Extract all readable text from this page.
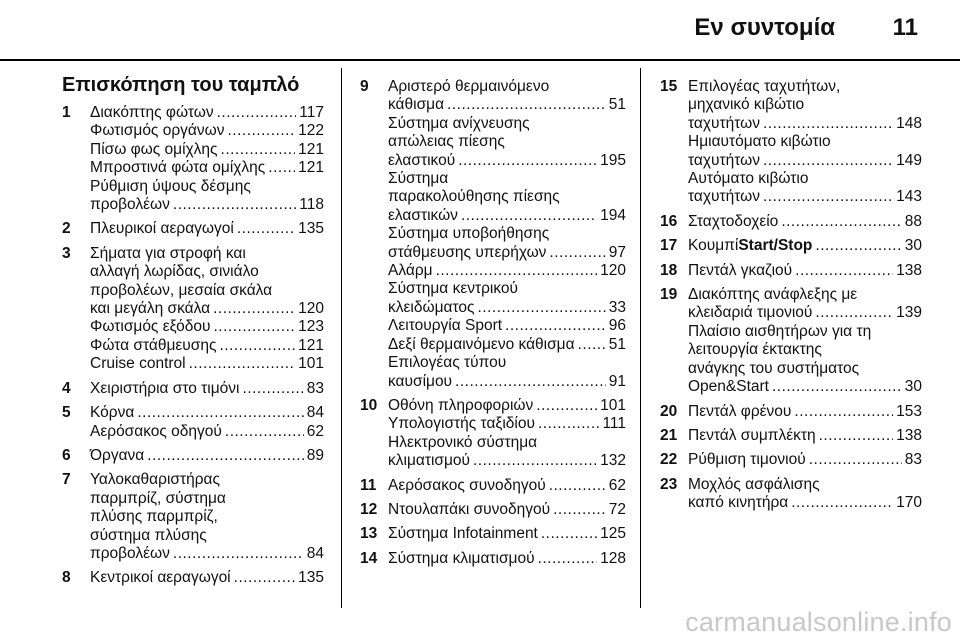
Εν συντομία 11
Επισκόπηση του ταμπλό
1 Διακόπτης φώτων .....	117
Φωτισμός οργάνων .....	122
Πίσω φως ομίχλης .....	121
Μπροστινά φώτα ομίχλης ..... 121
Ρύθμιση ύψους δέσμης
προβολέων .....	118
2 Πλευρικοί αεραγωγοί .....	135
3 Σήματα για στροφή και
αλλαγή λωρίδας, σινιάλο
προβολέων, μεσαία σκάλα
και μεγάλη σκάλα .....	120
Φωτισμός εξόδου .....	123
Φώτα στάθμευσης .....	121
Cruise control .....	101
4 Χειριστήρια στο τιμόνι .....	83
5 Κόρνα .....	84
Αερόσακος οδηγού .....	62
6 Όργανα .....	89
7 Υαλοκαθαριστήρας
παρμπρίζ, σύστημα
πλύσης παρμπρίζ,
σύστημα πλύσης
προβολέων .....	84
8 Κεντρικοί αεραγωγοί .....	135
9 Αριστερό θερμαινόμενο
κάθισμα .....	51
Σύστημα ανίχνευσης
απώλειας πίεσης
ελαστικού .....	195
Σύστημα
παρακολούθησης πίεσης
ελαστικών .....	194
Σύστημα υποβοήθησης
στάθμευσης υπερήχων .....	97
Αλάρμ .....	120
Σύστημα κεντρικού
κλειδώματος .....	33
Λειτουργία Sport .....	96
Δεξί θερμαινόμενο κάθισμα ..... 51
Επιλογέας τύπου
καυσίμου .....	91
10 Οθόνη πληροφοριών .....	101
Υπολογιστής ταξιδίου .....	111
Ηλεκτρονικό σύστημα
κλιματισμού .....	132
11 Αερόσακος συνοδηγού .....	62
12 Ντουλαπάκι συνοδηγού .....	72
13 Σύστημα Infotainment .....	125
14 Σύστημα κλιματισμού .....	128
15 Επιλογέας ταχυτήτων,
μηχανικό κιβώτιο
ταχυτήτων .....	148
Ημιαυτόματο κιβώτιο
ταχυτήτων .....	149
Αυτόματο κιβώτιο
ταχυτήτων .....	143
16 Σταχτοδοχείο .....	88
17 Κουμπί Start/Stop .....	30
18 Πεντάλ γκαζιού .....	138
19 Διακόπτης ανάφλεξης με
κλειδαριά τιμονιού .....	139
Πλαίσιο αισθητήρων για τη
λειτουργία έκτακτης
ανάγκης του συστήματος
Open&Start .....	30
20 Πεντάλ φρένου .....	153
21 Πεντάλ συμπλέκτη .....	138
22 Ρύθμιση τιμονιού .....	83
23 Μοχλός ασφάλισης
καπό κινητήρα .....	170
carmanualsonline.info
